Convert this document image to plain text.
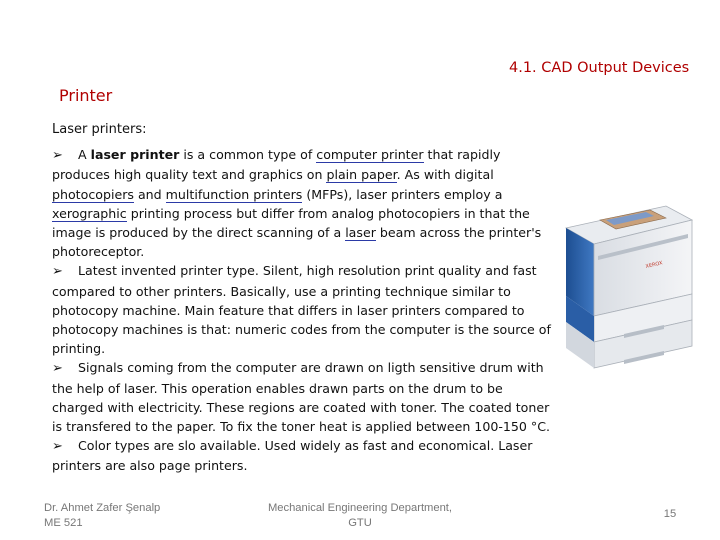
4.1. CAD Output Devices
Printer
Laser printers:

➢ A laser printer is a common type of computer printer that rapidly produces high quality text and graphics on plain paper. As with digital photocopiers and multifunction printers (MFPs), laser printers employ a xerographic printing process but differ from analog photocopiers in that the image is produced by the direct scanning of a laser beam across the printer's photoreceptor.

➢ Latest invented printer type. Silent, high resolution print quality and fast compared to other printers. Basically, use a printing technique similar to photocopy machine. Main feature that differs in laser printers compared to photocopy machines is that: numeric codes from the computer is the source of printing.

➢ Signals coming from the computer are drawn on ligth sensitive drum with the help of laser. This operation enables drawn parts on the drum to be charged with electricity. These regions are coated with toner. The coated toner is transfered to the paper. To fix the toner heat is applied between 100-150 °C.

➢ Color types are slo available. Used widely as fast and economical. Laser printers are also page printers.

XEROX
Dr. Ahmet Zafer Şenalp
ME 521
Mechanical Engineering Department,
GTU
15
